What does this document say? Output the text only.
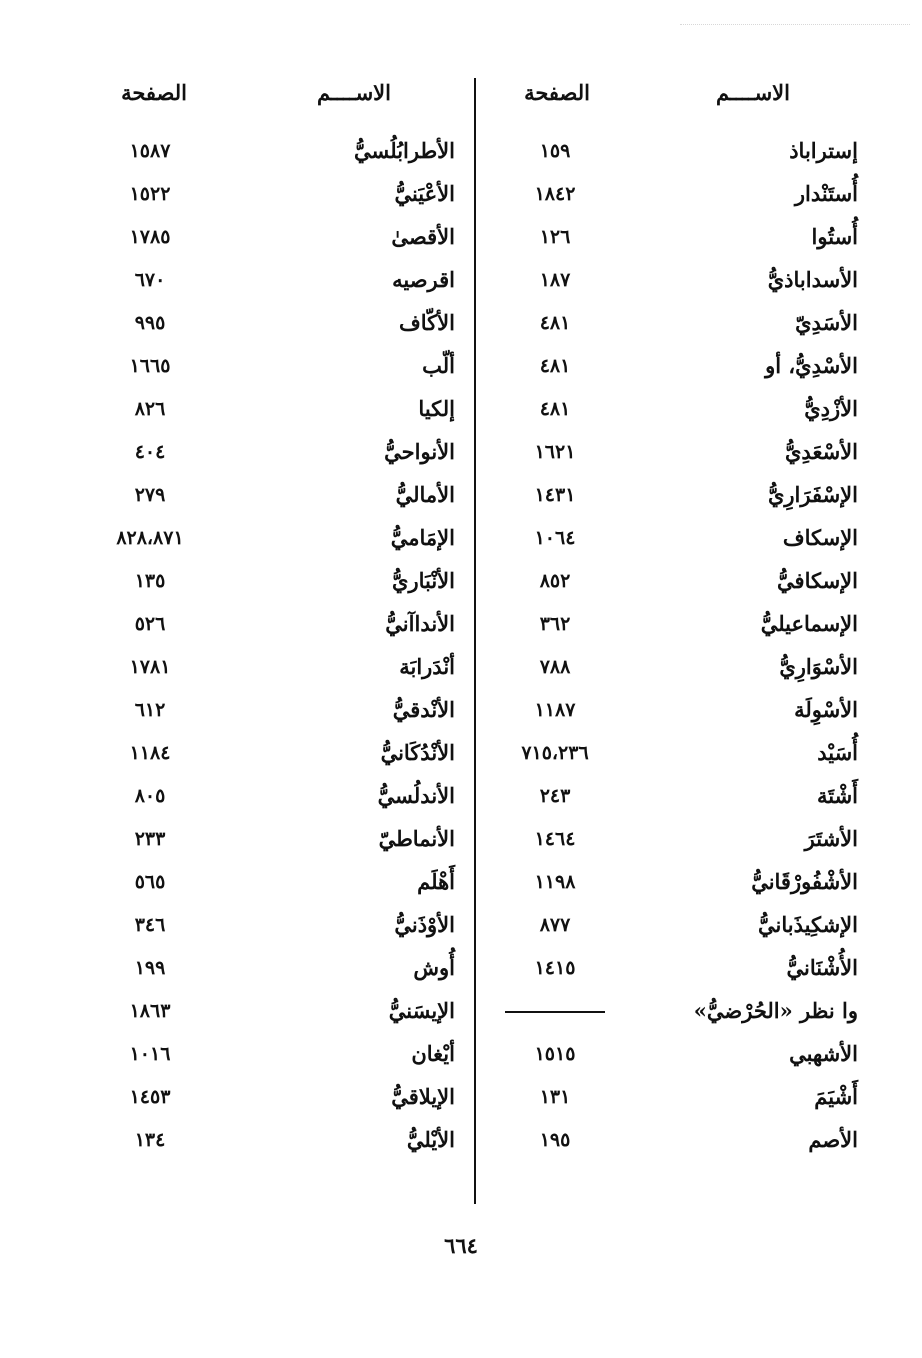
الاســــم
الصفحة
إستراباذ
١٥٩
أُستَنْدار
١٨٤٢
أُستُوا
١٢٦
الأسداباذيُّ
١٨٧
الأسَدِيّ
٤٨١
الأسْدِيُّ، أو
٤٨١
الأزْدِيُّ
٤٨١
الأسْعَدِيُّ
١٦٢١
الإسْفَرَارِيُّ
١٤٣١
الإسكاف
١٠٦٤
الإسكافيُّ
٨٥٢
الإسماعيليُّ
٣٦٢
الأسْوَارِيُّ
٧٨٨
الأسْوِلَة
١١٨٧
أُسَيْد
٧١٥،٢٣٦
أَشْتَة
٢٤٣
الأشتَرَ
١٤٦٤
الأشْفُورْقَانيُّ
١١٩٨
الإشكِيذَبانيُّ
٨٧٧
الأُشْنَانيُّ
١٤١٥
وا نظر «الحُرْضيُّ»
الأشهبي
١٥١٥
أَشْيَمَ
١٣١
الأصم
١٩٥
الاســــم
الصفحة
الأطرابُلُسيُّ
١٥٨٧
الأعْيَنيُّ
١٥٢٢
الأقصىٰ
١٧٨٥
اقرصيه
٦٧٠
الأكّاف
٩٩٥
ألّب
١٦٦٥
إلكيا
٨٢٦
الأنواحيُّ
٤٠٤
الأماليُّ
٢٧٩
الإمَاميُّ
٨٢٨،٨٧١
الأنْبَاريُّ
١٣٥
الأنداآنيُّ
٥٢٦
أنْدَرابَة
١٧٨١
الأنْدقيُّ
٦١٢
الأنْدُكَانيُّ
١١٨٤
الأندلُسيُّ
٨٠٥
الأنماطيّ
٢٣٣
أَهْلَم
٥٦٥
الأوْذَنيُّ
٣٤٦
أُوش
١٩٩
الإيسَنيُّ
١٨٦٣
أيْغان
١٠١٦
الإيلاقيُّ
١٤٥٣
الأيْليُّ
١٣٤
٦٦٤
